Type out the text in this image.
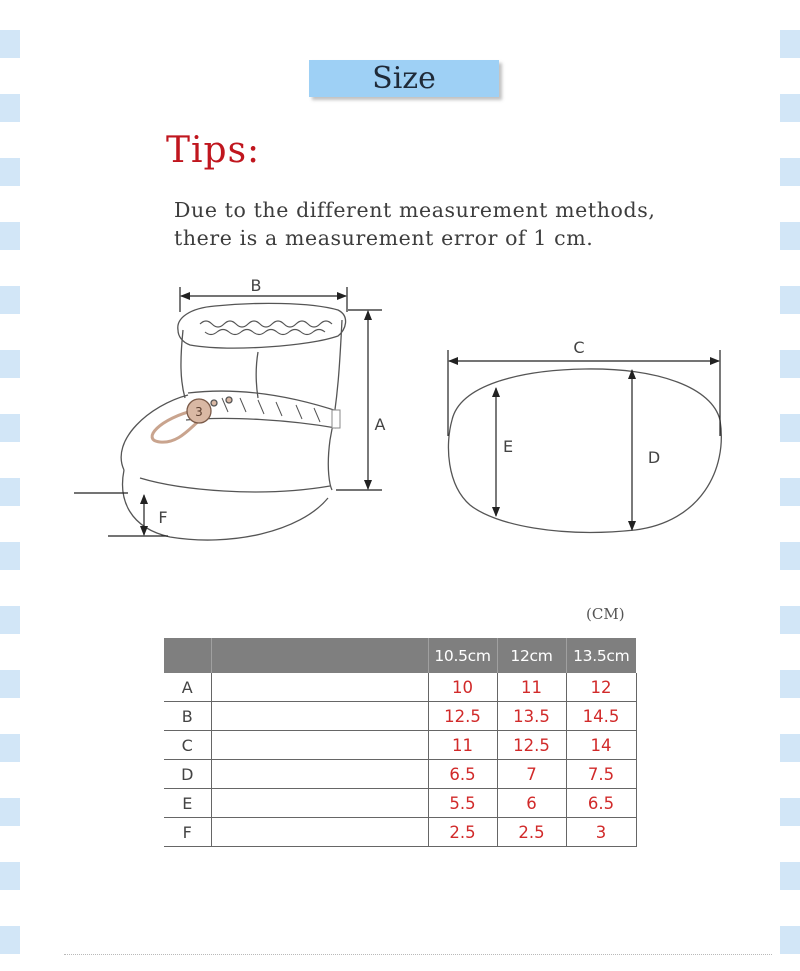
Size
Tips:
Due to the different measurement methods,
there is a measurement error of 1 cm.
3
B
A
F
C
D
E
(CM)
		10.5cm	12cm	13.5cm
A		10	11	12
B		12.5	13.5	14.5
C		11	12.5	14
D		6.5	7	7.5
E		5.5	6	6.5
F		2.5	2.5	3
